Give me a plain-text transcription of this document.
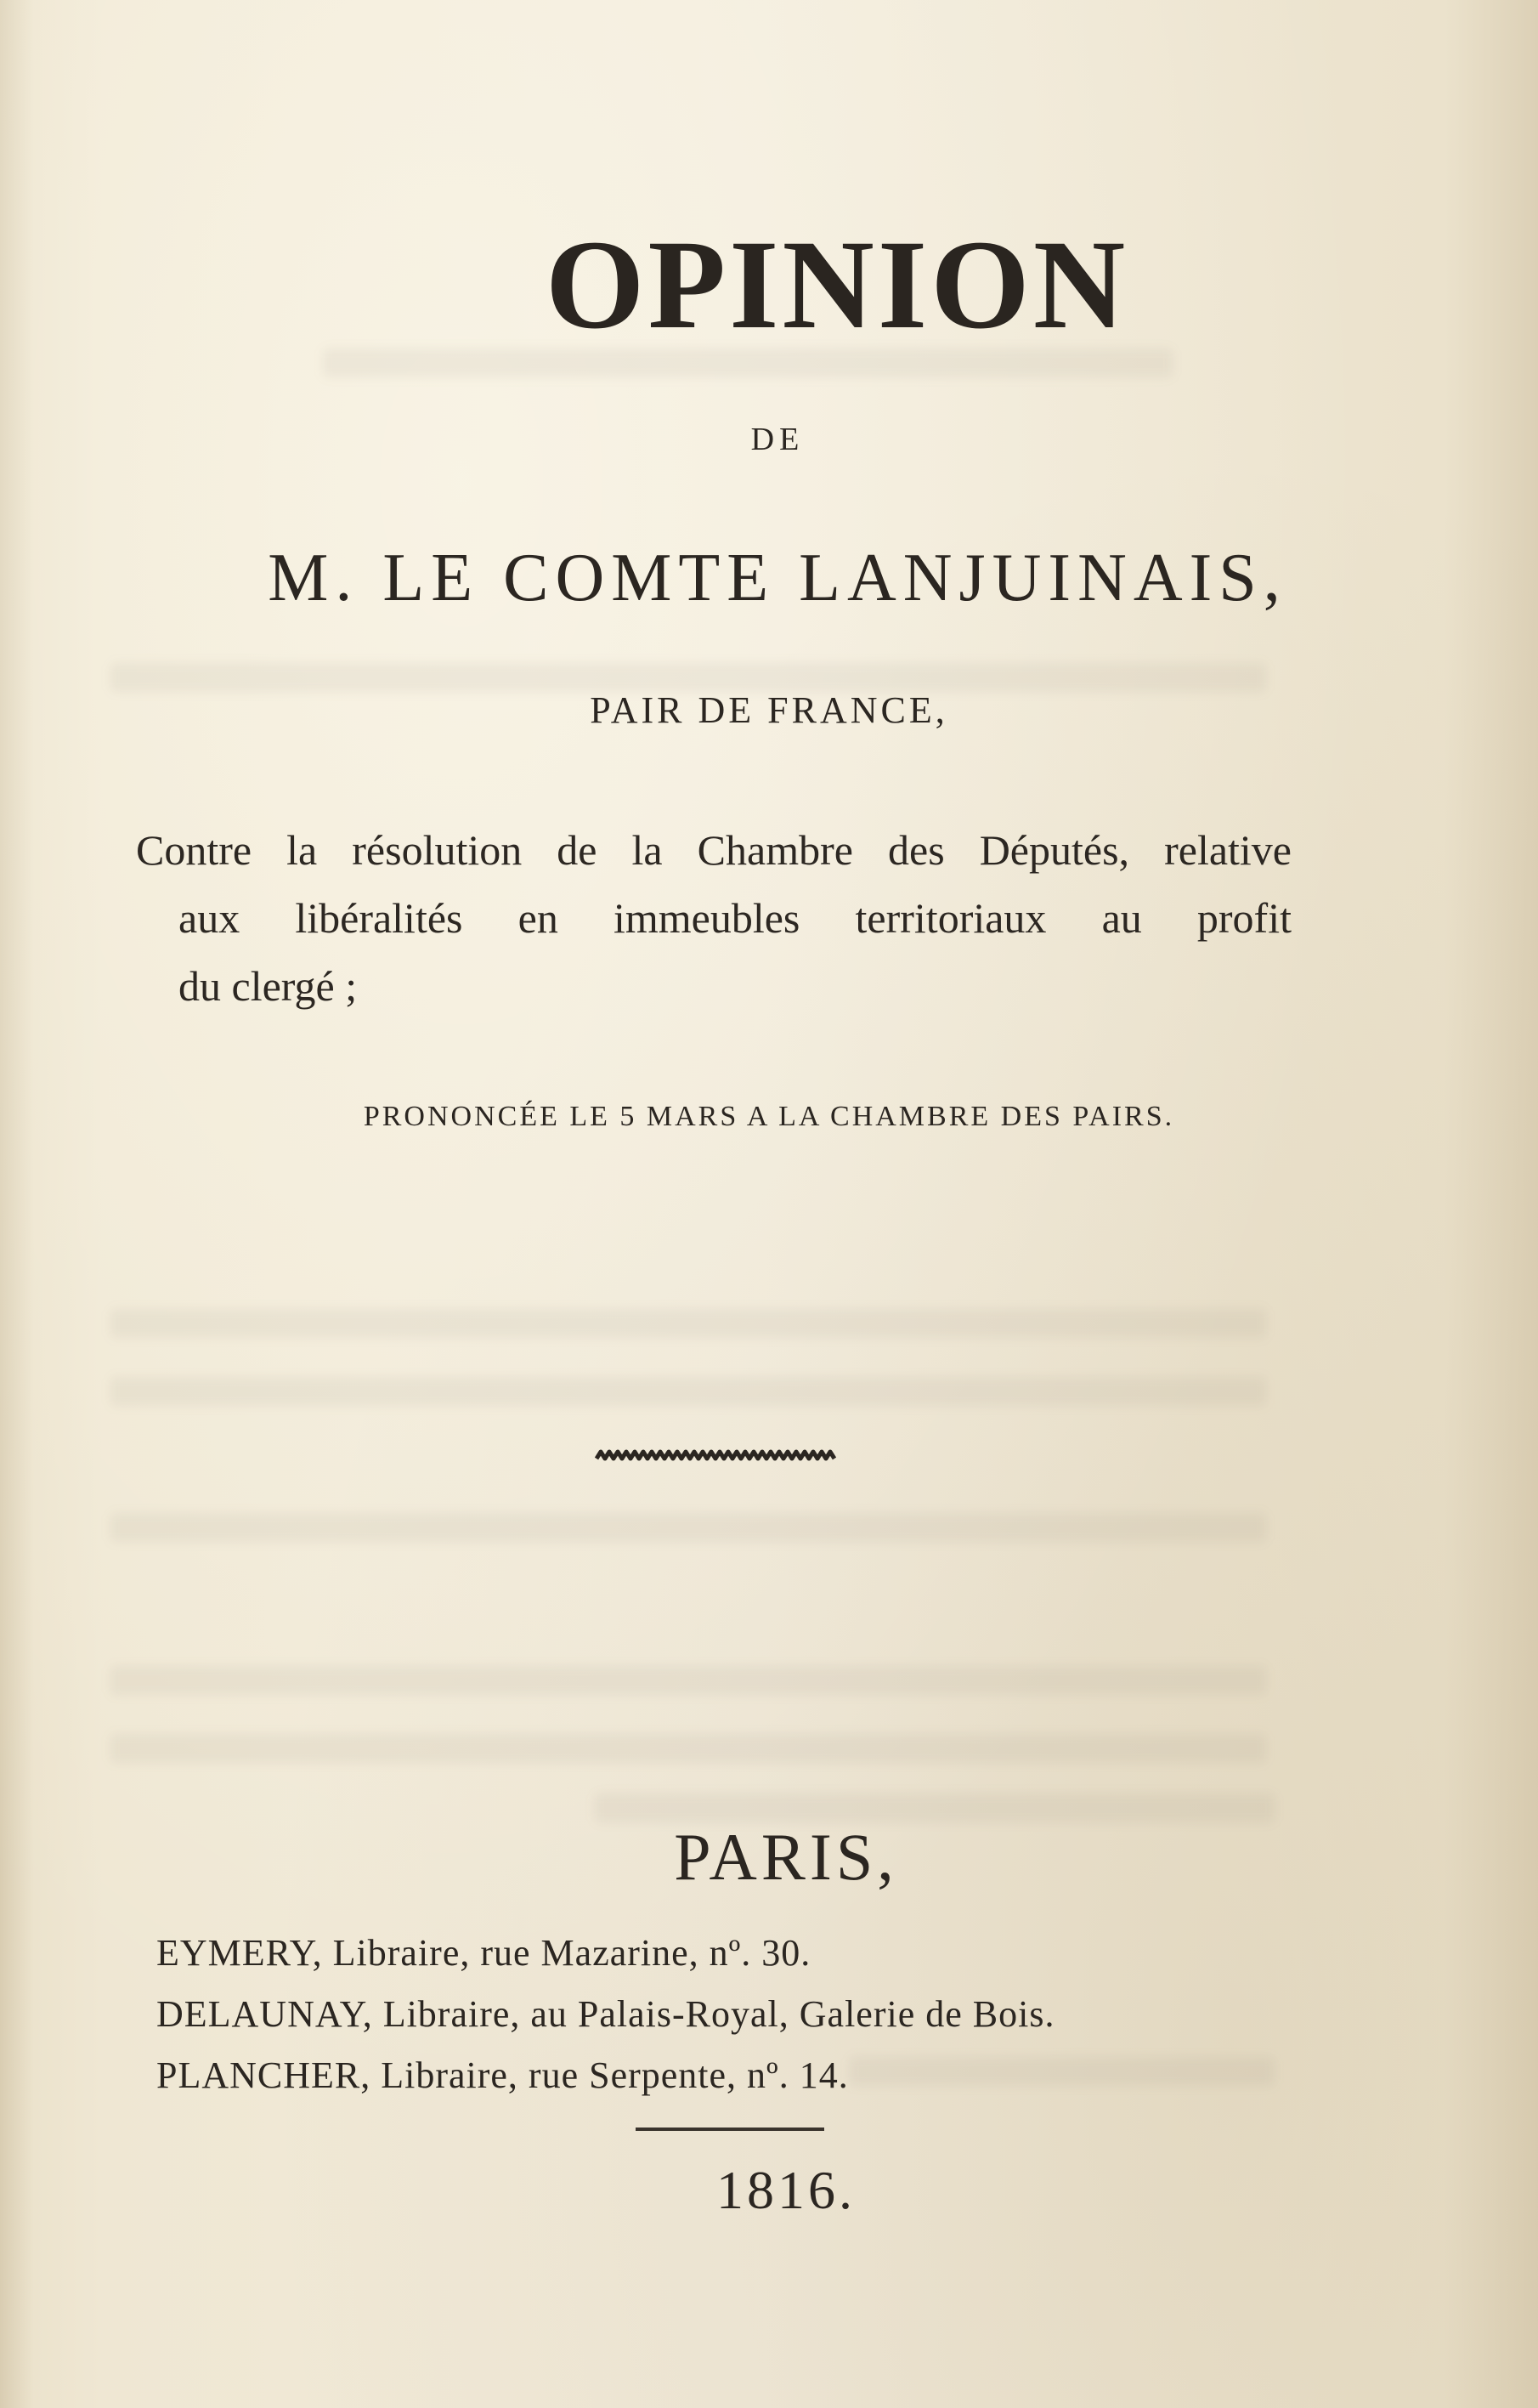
OPINION
DE
M. LE COMTE LANJUINAIS,
PAIR DE FRANCE,
Contre la résolution de la Chambre des Députés, relative
aux libéralités en immeubles territoriaux au profit
du clergé ;
PRONONCÉE LE 5 MARS A LA CHAMBRE DES PAIRS.
PARIS,
EYMERY, Libraire, rue Mazarine, nº. 30.
DELAUNAY, Libraire, au Palais-Royal, Galerie de Bois.
PLANCHER, Libraire, rue Serpente, nº. 14.
1816.
